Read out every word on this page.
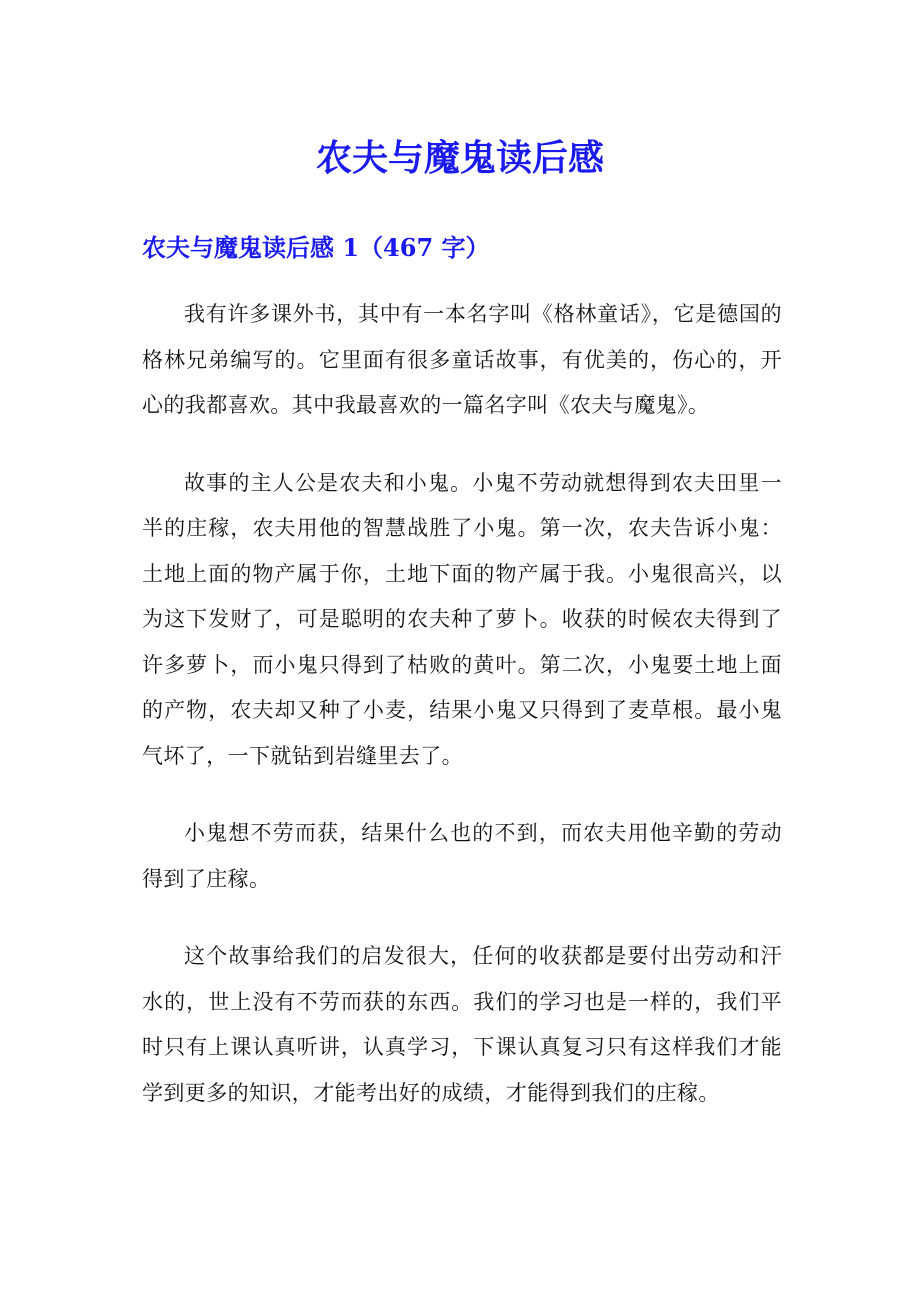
农夫与魔鬼读后感
农夫与魔鬼读后感 1（467 字）

我有许多课外书，其中有一本名字叫《格林童话》，它是德国的格林兄弟编写的。它里面有很多童话故事，有优美的，伤心的，开心的我都喜欢。其中我最喜欢的一篇名字叫《农夫与魔鬼》。

故事的主人公是农夫和小鬼。小鬼不劳动就想得到农夫田里一半的庄稼，农夫用他的智慧战胜了小鬼。第一次，农夫告诉小鬼：土地上面的物产属于你，土地下面的物产属于我。小鬼很高兴，以为这下发财了，可是聪明的农夫种了萝卜。收获的时候农夫得到了许多萝卜，而小鬼只得到了枯败的黄叶。第二次，小鬼要土地上面的产物，农夫却又种了小麦，结果小鬼又只得到了麦草根。最小鬼气坏了，一下就钻到岩缝里去了。

小鬼想不劳而获，结果什么也的不到，而农夫用他辛勤的劳动得到了庄稼。

这个故事给我们的启发很大，任何的收获都是要付出劳动和汗水的，世上没有不劳而获的东西。我们的学习也是一样的，我们平时只有上课认真听讲，认真学习，下课认真复习只有这样我们才能学到更多的知识，才能考出好的成绩，才能得到我们的庄稼。
